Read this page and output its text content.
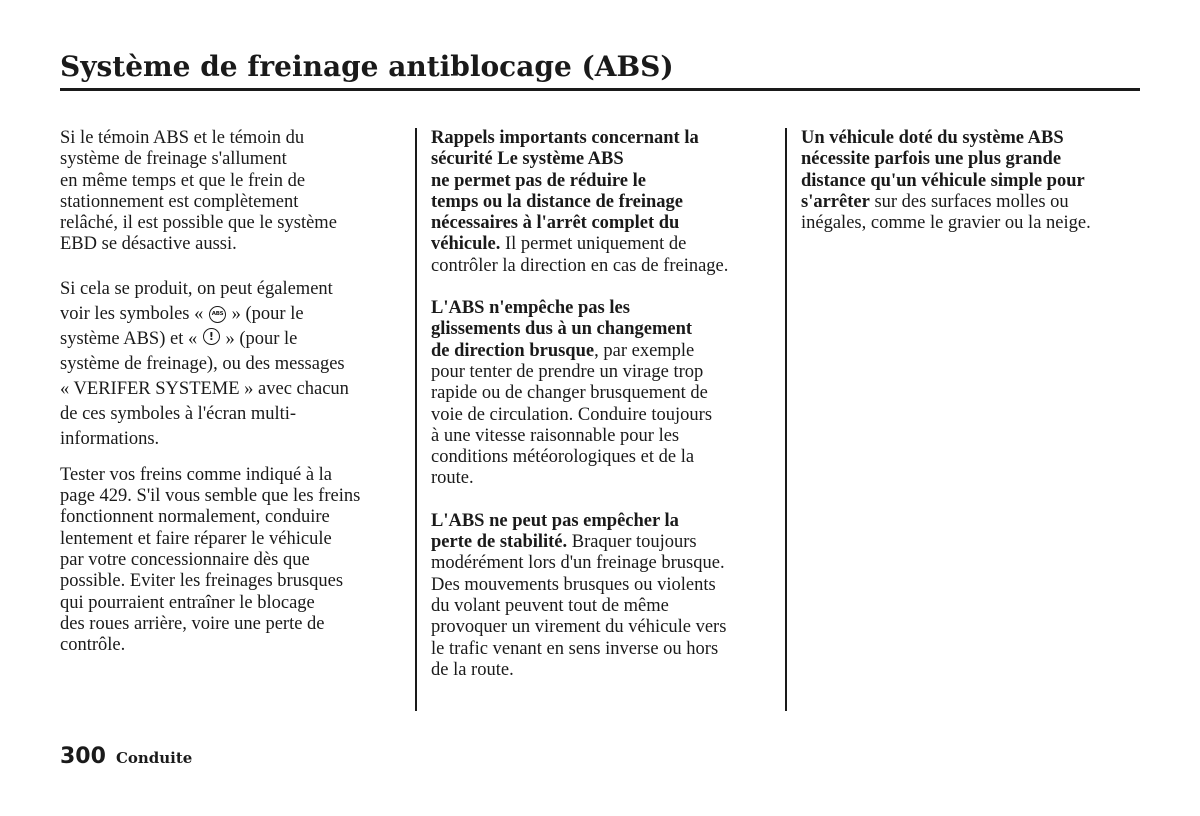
Système de freinage antiblocage (ABS)
Si le témoin ABS et le témoin du
système de freinage s'allument
en même temps et que le frein de
stationnement est complètement
relâché, il est possible que le système
EBD se désactive aussi.
Si cela se produit, on peut également
voir les symboles « ABS » (pour le
système ABS) et « ! » (pour le
système de freinage), ou des messages
« VERIFER SYSTEME » avec chacun
de ces symboles à l'écran multi-
informations.
Tester vos freins comme indiqué à la
page 429. S'il vous semble que les freins
fonctionnent normalement, conduire
lentement et faire réparer le véhicule
par votre concessionnaire dès que
possible. Eviter les freinages brusques
qui pourraient entraîner le blocage
des roues arrière, voire une perte de
contrôle.
Rappels importants concernant la
sécurité Le système ABS
ne permet pas de réduire le
temps ou la distance de freinage
nécessaires à l'arrêt complet du
véhicule. Il permet uniquement de
contrôler la direction en cas de freinage.
L'ABS n'empêche pas les
glissements dus à un changement
de direction brusque, par exemple
pour tenter de prendre un virage trop
rapide ou de changer brusquement de
voie de circulation. Conduire toujours
à une vitesse raisonnable pour les
conditions météorologiques et de la
route.
L'ABS ne peut pas empêcher la
perte de stabilité. Braquer toujours
modérément lors d'un freinage brusque.
Des mouvements brusques ou violents
du volant peuvent tout de même
provoquer un virement du véhicule vers
le trafic venant en sens inverse ou hors
de la route.
Un véhicule doté du système ABS
nécessite parfois une plus grande
distance qu'un véhicule simple pour
s'arrêter sur des surfaces molles ou
inégales, comme le gravier ou la neige.
300 Conduite
